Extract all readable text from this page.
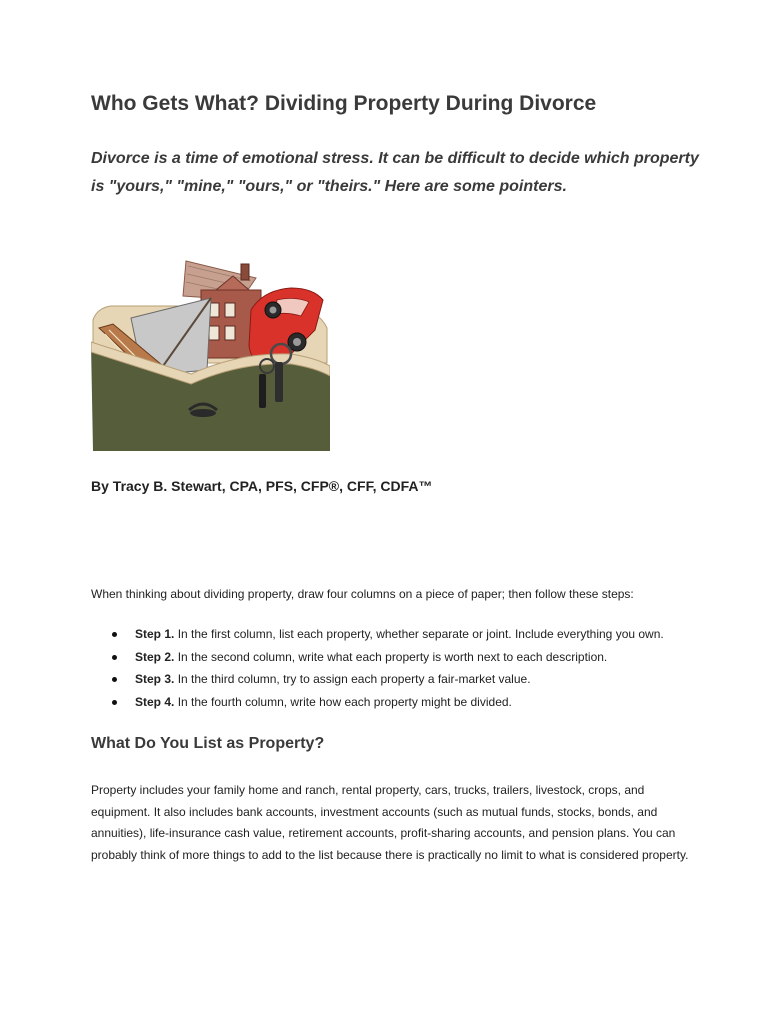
Who Gets What? Dividing Property During Divorce

Divorce is a time of emotional stress. It can be difficult to decide which property is "yours," "mine," "ours," or "theirs." Here are some pointers.

By Tracy B. Stewart, CPA, PFS, CFP®, CFF, CDFA™

When thinking about dividing property, draw four columns on a piece of paper; then follow these steps:

Step 1. In the first column, list each property, whether separate or joint. Include everything you own.
Step 2. In the second column, write what each property is worth next to each description.
Step 3. In the third column, try to assign each property a fair-market value.
Step 4. In the fourth column, write how each property might be divided.
What Do You List as Property?

Property includes your family home and ranch, rental property, cars, trucks, trailers, livestock, crops, and equipment. It also includes bank accounts, investment accounts (such as mutual funds, stocks, bonds, and annuities), life-insurance cash value, retirement accounts, profit-sharing accounts, and pension plans. You can probably think of more things to add to the list because there is practically no limit to what is considered property.
